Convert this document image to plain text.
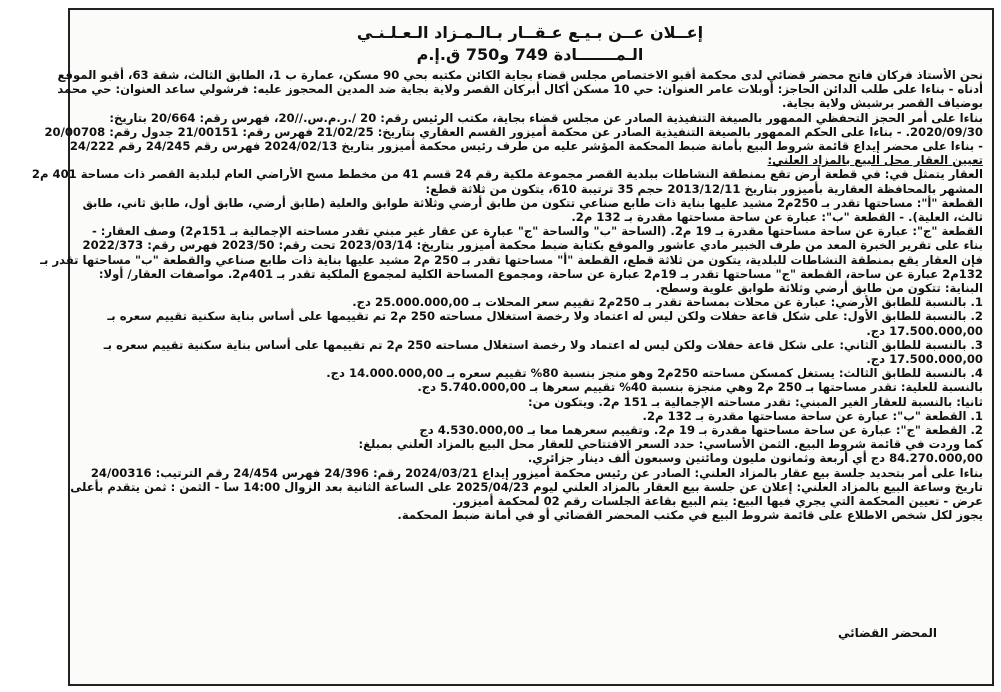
إعــلان عــن بـيـع عـقــار بـالـمـزاد الـعـلـنـي
الـمـــــــادة 749 و750 ق.إ.م
نحن الأستاذ فركان فاتح محضر قضائي لدى محكمة أقبو الاختصاص مجلس قضاء بجاية الكائن مكتبه بحي 90 مسكن، عمارة ب 1، الطابق الثالث، شقة 63، أقبو الموقع
أدناه - بناءا على طلب الدائن الحاجز: أوبلات عامر العنوان: حي 10 مسكن أكال أبركان القصر ولاية بجاية ضد المدين المحجوز عليه: فرشولي ساعد العنوان: حي محمد
بوضياف القصر برشيش ولاية بجاية.
بناءا على أمر الحجز التحفظي الممهور بالصيغة التنفيذية الصادر عن مجلس قضاء بجاية، مكتب الرئيس رقم: 20 /.ر.م.س.//20، فهرس رقم: 20/664 بتاريخ:
2020/09/30. - بناءا على الحكم الممهور بالصيغة التنفيذية الصادر عن محكمة أميزور القسم العقاري بتاريخ: 21/02/25 فهرس رقم: 21/00151 جدول رقم: 20/00708
- بناءا على محضر إيداع قائمة شروط البيع بأمانة ضبط المحكمة المؤشر عليه من طرف رئيس محكمة أميزور بتاريخ 2024/02/13 فهرس رقم 24/245 رقم 24/222
تعيين العقار محل البيع بالمزاد العلني:
العقار يتمثل في: في قطعة أرض تقع بمنطقة النشاطات ببلدية القصر مجموعة ملكية رقم 24 قسم 41 من مخطط مسح الأراضي العام لبلدية القصر ذات مساحة 401 م2
المشهر بالمحافظة العقارية بأميزور بتاريخ 2013/12/11 حجم 35 ترتيبة 610، يتكون من ثلاثة قطع:
القطعة "أ": مساحتها تقدر بـ 250م2 مشيد عليها بناية ذات طابع صناعي تتكون من طابق أرضي وثلاثة طوابق والعلية (طابق أرضي، طابق أول، طابق ثاني، طابق
ثالث، العلية). - القطعة "ب": عبارة عن ساحة مساحتها مقدرة بـ 132 م2.
القطعة "ج": عبارة عن ساحة مساحتها مقدرة بـ 19 م2. (الساحة "ب" والساحة "ج" عبارة عن عقار غير مبني تقدر مساحته الإجمالية بـ 151م2) وصف العقار: -
بناء على تقرير الخبرة المعد من طرف الخبير مادي عاشور والموقع بكتابة ضبط محكمة أميزور بتاريخ: 2023/03/14 تحت رقم: 2023/50 فهرس رقم: 2022/373
فإن العقار يقع بمنطقة النشاطات للبلدية، يتكون من ثلاثة قطع، القطعة "أ" مساحتها تقدر بـ 250 م2 مشيد عليها بناية ذات طابع صناعي والقطعة "ب" مساحتها تقدر بـ
132م2 عبارة عن ساحة، القطعة "ج" مساحتها تقدر بـ 19م2 عبارة عن ساحة، ومجموع المساحة الكلية لمجموع الملكية تقدر بـ 401م2. مواصفات العقار/ أولا:
البناية: تتكون من طابق أرضي وثلاثة طوابق علوية وسطح.
1. بالنسبة للطابق الأرضي: عبارة عن محلات بمساحة تقدر بـ 250م2 تقييم سعر المحلات بـ 25.000.000,00 دج.
2. بالنسبة للطابق الأول: على شكل قاعة حفلات ولكن ليس له اعتماد ولا رخصة استغلال مساحته 250 م2 تم تقييمها على أساس بناية سكنية تقييم سعره بـ
17.500.000,00 دج.
3. بالنسبة للطابق الثاني: على شكل قاعة حفلات ولكن ليس له اعتماد ولا رخصة استغلال مساحته 250 م2 تم تقييمها على أساس بناية سكنية تقييم سعره بـ
17.500.000,00 دج.
4. بالنسبة للطابق الثالث: يستغل كمسكن مساحته 250م2 وهو منجز بنسبة 80% تقييم سعره بـ 14.000.000,00 دج.
بالنسبة للعلية: تقدر مساحتها بـ 250 م2 وهي منجزة بنسبة 40% تقييم سعرها بـ 5.740.000,00 دج.
ثانيا: بالنسبة للعقار الغير المبني: تقدر مساحته الإجمالية بـ 151 م2. ويتكون من:
1. القطعة "ب": عبارة عن ساحة مساحتها مقدرة بـ 132 م2.
2. القطعة "ج": عبارة عن ساحة مساحتها مقدرة بـ 19 م2. وتقييم سعرهما معا بـ 4.530.000,00 دج
كما وردت في قائمة شروط البيع. الثمن الأساسي: حدد السعر الافتتاحي للعقار محل البيع بالمزاد العلني بمبلغ:
84.270.000,00 دج أي أربعة وثمانون مليون ومائتين وسبعون ألف دينار جزائري.
بناءا على أمر بتحديد جلسة بيع عقار بالمزاد العلني: الصادر عن رئيس محكمة أميزور إيداع 2024/03/21 رقم: 24/396 فهرس 24/454 رقم الترتيب: 24/00316
تاريخ وساعة البيع بالمزاد العلني: إعلان عن جلسة بيع العقار بالمزاد العلني ليوم 2025/04/23 على الساعة الثانية بعد الزوال 14:00 سا - الثمن : ثمن يتقدم بأعلى
عرض - تعيين المحكمة التي يجري فيها البيع: يتم البيع بقاعة الجلسات رقم 02 لمحكمة أميزور.
يجوز لكل شخص الاطلاع على قائمة شروط البيع في مكتب المحضر القضائي أو في أمانة ضبط المحكمة.
المحضر القضائي
